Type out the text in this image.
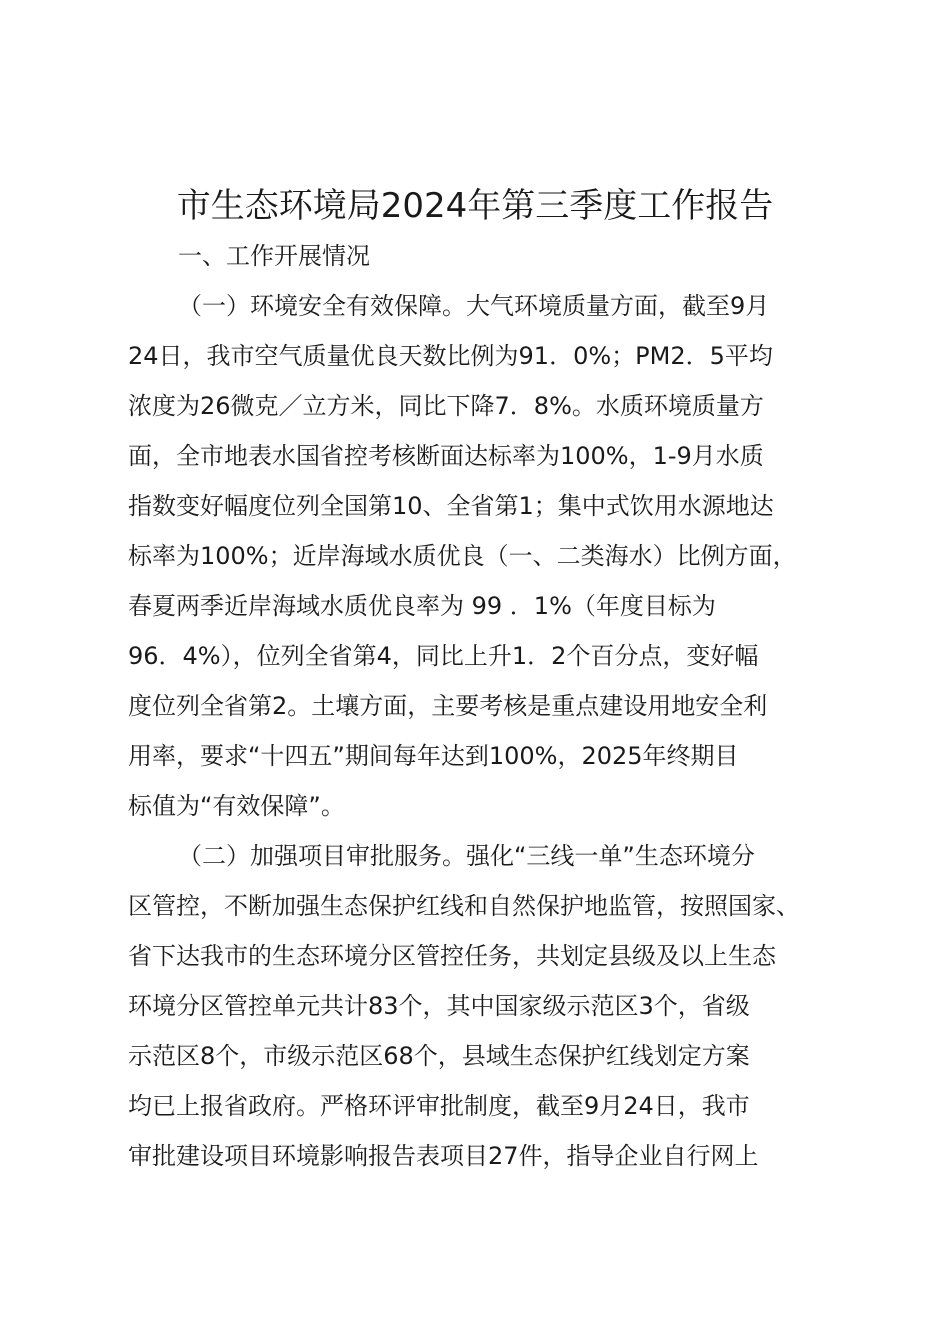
市生态环境局2024年第三季度工作报告
一、工作开展情况
（一）环境安全有效保障。大气环境质量方面，截至9月
24日，我市空气质量优良天数比例为91．0%；PM2．5平均
浓度为26微克／立方米，同比下降7．8%。水质环境质量方
面，全市地表水国省控考核断面达标率为100%，1-9月水质
指数变好幅度位列全国第10、全省第1；集中式饮用水源地达
标率为100%；近岸海域水质优良（一、二类海水）比例方面，
春夏两季近岸海域水质优良率为 99 ．1%（年度目标为
96．4%），位列全省第4，同比上升1．2个百分点，变好幅
度位列全省第2。土壤方面，主要考核是重点建设用地安全利
用率，要求“十四五”期间每年达到100%，2025年终期目
标值为“有效保障”。
（二）加强项目审批服务。强化“三线一单”生态环境分
区管控，不断加强生态保护红线和自然保护地监管，按照国家、
省下达我市的生态环境分区管控任务，共划定县级及以上生态
环境分区管控单元共计83个，其中国家级示范区3个，省级
示范区8个，市级示范区68个，县域生态保护红线划定方案
均已上报省政府。严格环评审批制度，截至9月24日，我市
审批建设项目环境影响报告表项目27件，指导企业自行网上
